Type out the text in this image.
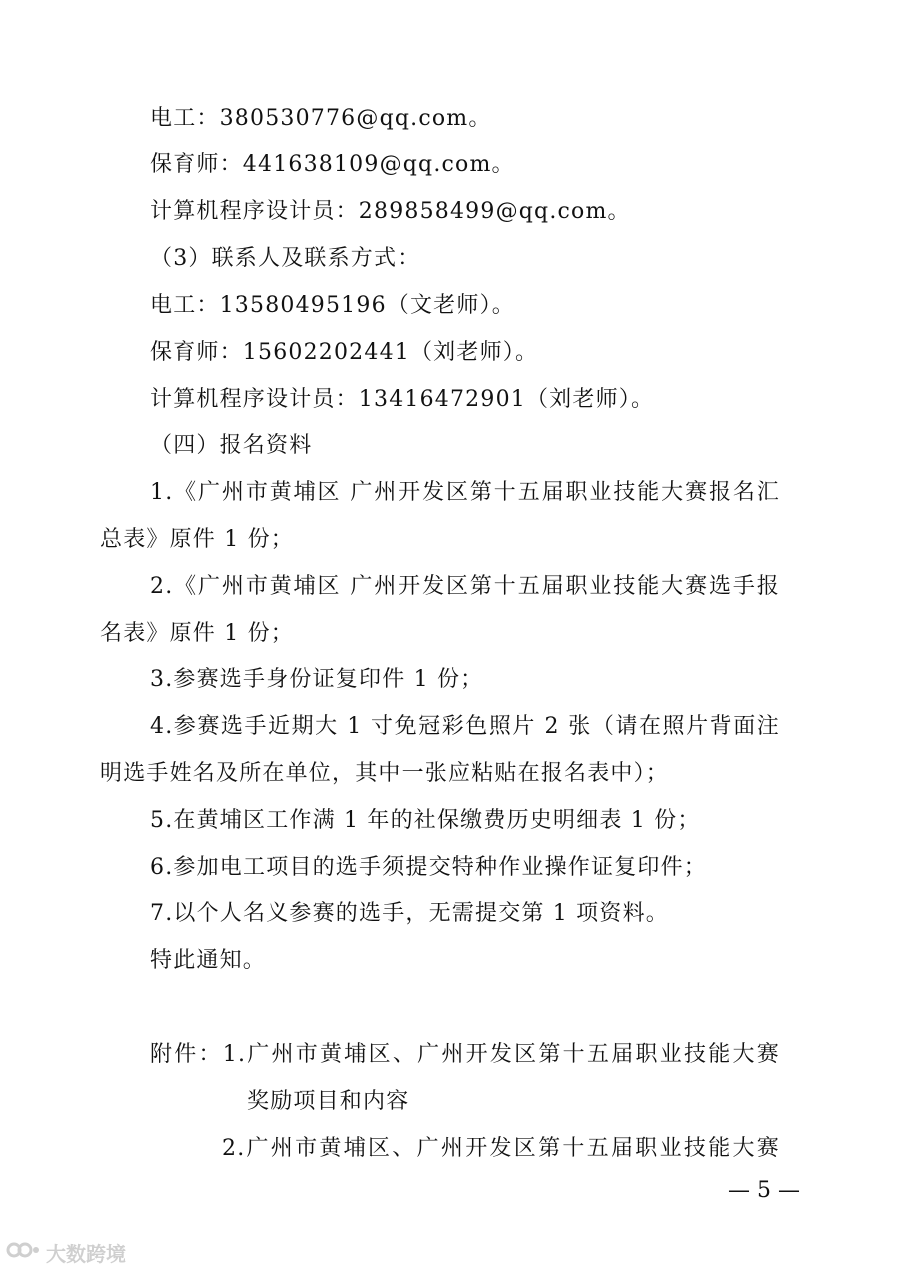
电工：380530776@qq.com。
保育师：441638109@qq.com。
计算机程序设计员：289858499@qq.com。
（3）联系人及联系方式：
电工：13580495196（文老师）。
保育师：15602202441（刘老师）。
计算机程序设计员：13416472901（刘老师）。
（四）报名资料
1.《广州市黄埔区 广州开发区第十五届职业技能大赛报名汇
总表》原件 1 份；
2.《广州市黄埔区 广州开发区第十五届职业技能大赛选手报
名表》原件 1 份；
3.参赛选手身份证复印件 1 份；
4.参赛选手近期大 1 寸免冠彩色照片 2 张（请在照片背面注
明选手姓名及所在单位，其中一张应粘贴在报名表中）；
5.在黄埔区工作满 1 年的社保缴费历史明细表 1 份；
6.参加电工项目的选手须提交特种作业操作证复印件；
7.以个人名义参赛的选手，无需提交第 1 项资料。
特此通知。
附件：1.广州市黄埔区、广州开发区第十五届职业技能大赛
奖励项目和内容
2.广州市黄埔区、广州开发区第十五届职业技能大赛
— 5 —
大数跨境
